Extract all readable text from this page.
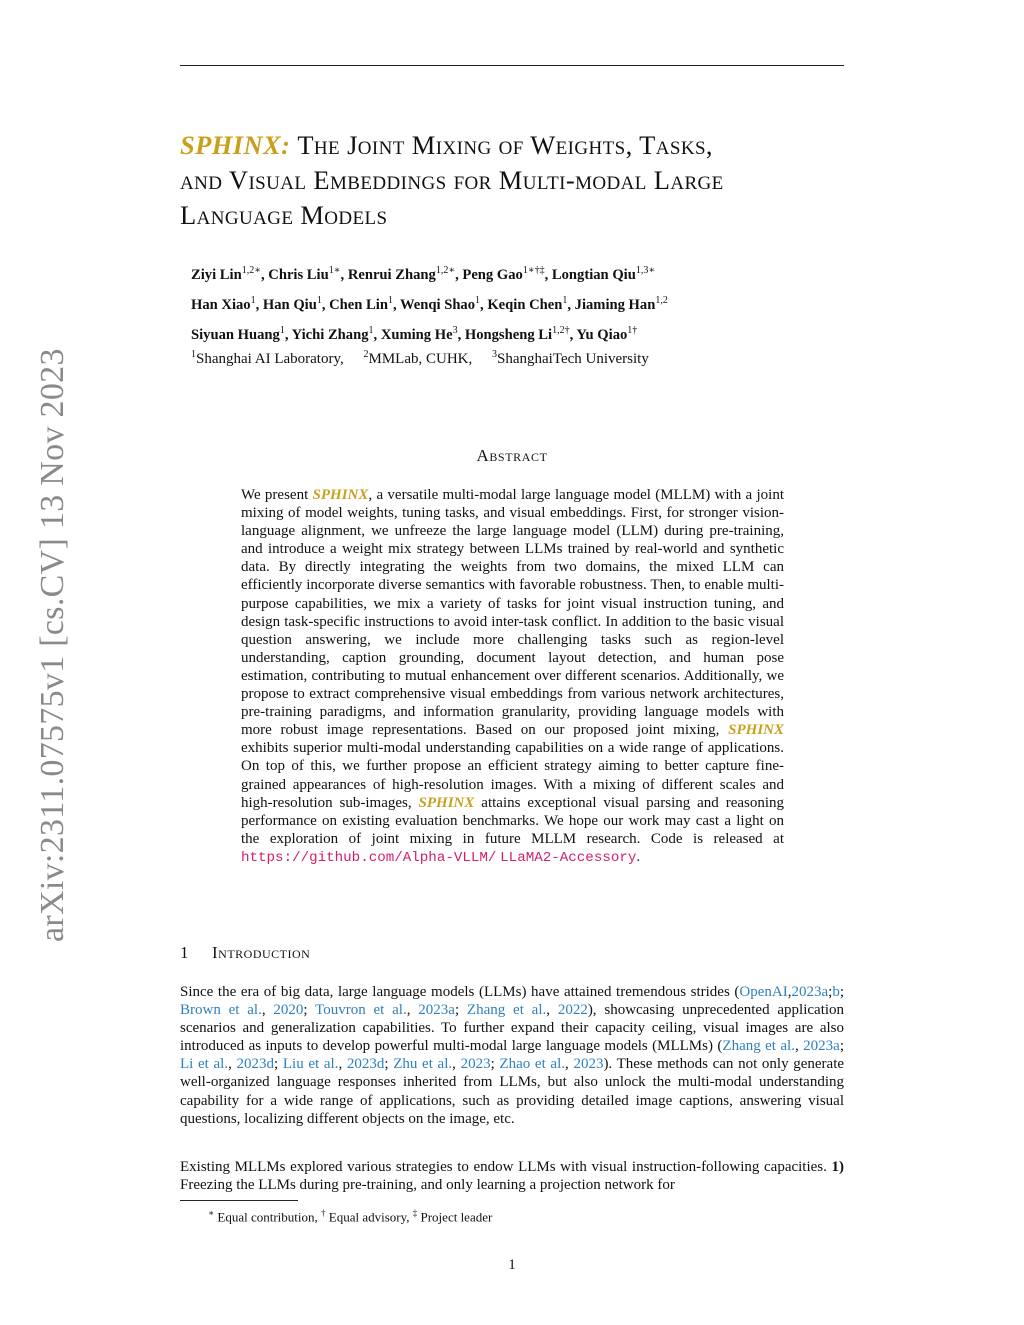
arXiv:2311.07575v1 [cs.CV] 13 Nov 2023
SPHINX: The Joint Mixing of Weights, Tasks,
and Visual Embeddings for Multi-modal Large
Language Models
Ziyi Lin$^{1,2∗}$, Chris Liu$^{1∗}$, Renrui Zhang$^{1,2∗}$, Peng Gao$^{1∗\dagger\ddagger}$, Longtian Qiu$^{1,3∗}$
Han Xiao$^1$, Han Qiu$^1$, Chen Lin$^1$, Wenqi Shao$^1$, Keqin Chen$^1$, Jiaming Han$^{1,2}$
Siyuan Huang$^1$, Yichi Zhang$^1$, Xuming He$^3$, Hongsheng $Li^{1,2\dagger}$, Yu Qiao$^{1\dagger}$
$^1$Shanghai AI Laboratory, $^2$MMLab, CUHK, $^3$ShanghaiTech University
Abstract
We present SPHINX, a versatile multi-modal large language model (MLLM) with a joint mixing of model weights, tuning tasks, and visual embeddings. First, for stronger vision-language alignment, we unfreeze the large language model (LLM) during pre-training, and introduce a weight mix strategy between LLMs trained by real-world and synthetic data. By directly integrating the weights from two domains, the mixed LLM can efficiently incorporate diverse semantics with favorable robustness. Then, to enable multi-purpose capabilities, we mix a variety of tasks for joint visual instruction tuning, and design task-specific instructions to avoid inter-task conflict. In addition to the basic visual question answering, we include more challenging tasks such as region-level understanding, caption grounding, document layout detection, and human pose estimation, contributing to mutual enhancement over different scenarios. Additionally, we propose to extract comprehensive visual embeddings from various network architectures, pre-training paradigms, and information granularity, providing language models with more robust image representations. Based on our proposed joint mixing, SPHINX exhibits superior multi-modal understanding capabilities on a wide range of applications. On top of this, we further propose an efficient strategy aiming to better capture fine-grained appearances of high-resolution images. With a mixing of different scales and high-resolution sub-images, SPHINX attains exceptional visual parsing and reasoning performance on existing evaluation benchmarks. We hope our work may cast a light on the exploration of joint mixing in future MLLM research. Code is released at https://github.com/Alpha-VLLM/ LLaMA2-Accessory.
1 Introduction
Since the era of big data, large language models (LLMs) have attained tremendous strides (OpenAI,2023a;b; Brown et al., 2020; Touvron et al., 2023a; Zhang et al., 2022), showcasing unprecedented application scenarios and generalization capabilities. To further expand their capacity ceiling, visual images are also introduced as inputs to develop powerful multi-modal large language models (MLLMs) (Zhang et al., 2023a; Li et al., 2023d; Liu et al., 2023d; Zhu et al., 2023; Zhao et al., 2023). These methods can not only generate well-organized language responses inherited from LLMs, but also unlock the multi-modal understanding capability for a wide range of applications, such as providing detailed image captions, answering visual questions, localizing different objects on the image, etc.
Existing MLLMs explored various strategies to endow LLMs with visual instruction-following capacities. 1) Freezing the LLMs during pre-training, and only learning a projection network for
∗ Equal contribution, † Equal advisory, ‡ Project leader
1
